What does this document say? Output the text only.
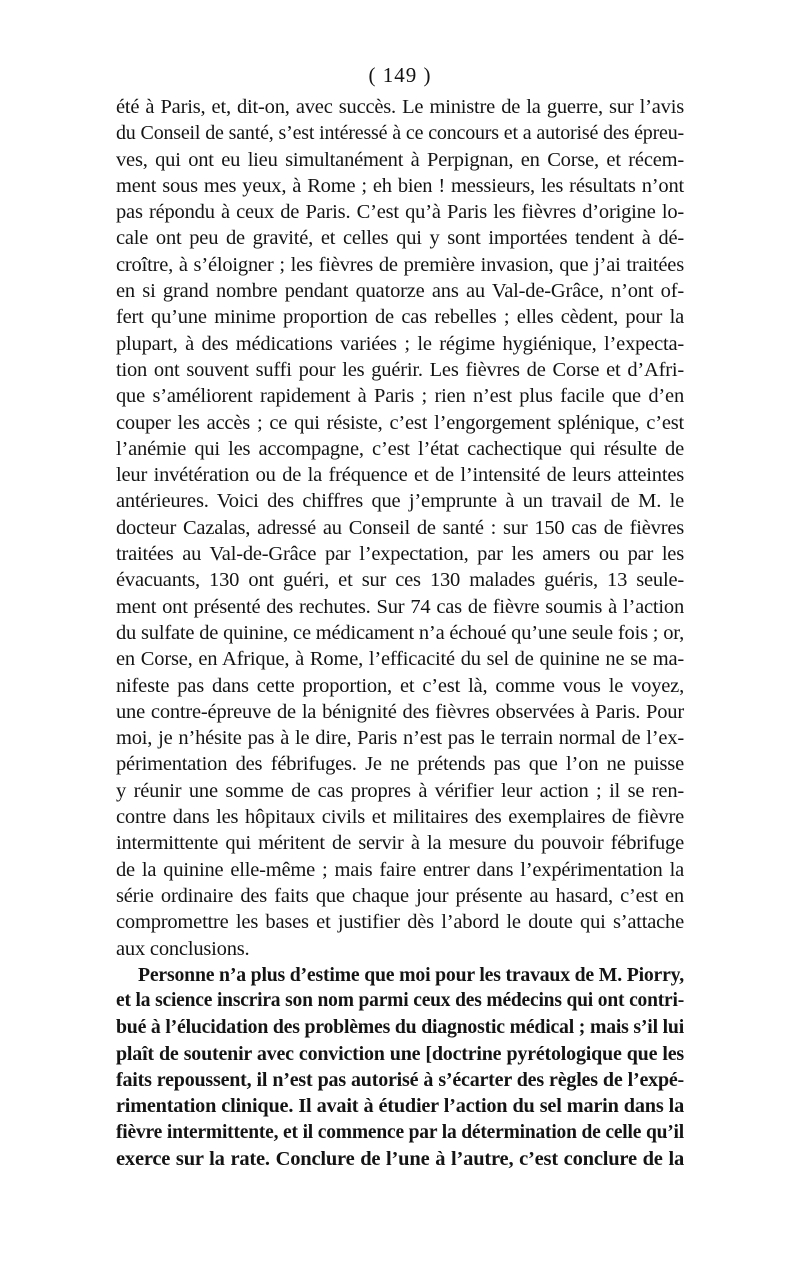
( 149 )
été à Paris, et, dit-on, avec succès. Le ministre de la guerre, sur l’avis
du Conseil de santé, s’est intéressé à ce concours et a autorisé des épreu-
ves, qui ont eu lieu simultanément à Perpignan, en Corse, et récem-
ment sous mes yeux, à Rome ; eh bien ! messieurs, les résultats n’ont
pas répondu à ceux de Paris. C’est qu’à Paris les fièvres d’origine lo-
cale ont peu de gravité, et celles qui y sont importées tendent à dé-
croître, à s’éloigner ; les fièvres de première invasion, que j’ai traitées
en si grand nombre pendant quatorze ans au Val-de-Grâce, n’ont of-
fert qu’une minime proportion de cas rebelles ; elles cèdent, pour la
plupart, à des médications variées ; le régime hygiénique, l’expecta-
tion ont souvent suffi pour les guérir. Les fièvres de Corse et d’Afri-
que s’améliorent rapidement à Paris ; rien n’est plus facile que d’en
couper les accès ; ce qui résiste, c’est l’engorgement splénique, c’est
l’anémie qui les accompagne, c’est l’état cachectique qui résulte de
leur invétération ou de la fréquence et de l’intensité de leurs atteintes
antérieures. Voici des chiffres que j’emprunte à un travail de M. le
docteur Cazalas, adressé au Conseil de santé : sur 150 cas de fièvres
traitées au Val-de-Grâce par l’expectation, par les amers ou par les
évacuants, 130 ont guéri, et sur ces 130 malades guéris, 13 seule-
ment ont présenté des rechutes. Sur 74 cas de fièvre soumis à l’action
du sulfate de quinine, ce médicament n’a échoué qu’une seule fois ; or,
en Corse, en Afrique, à Rome, l’efficacité du sel de quinine ne se ma-
nifeste pas dans cette proportion, et c’est là, comme vous le voyez,
une contre-épreuve de la bénignité des fièvres observées à Paris. Pour
moi, je n’hésite pas à le dire, Paris n’est pas le terrain normal de l’ex-
périmentation des fébrifuges. Je ne prétends pas que l’on ne puisse
y réunir une somme de cas propres à vérifier leur action ; il se ren-
contre dans les hôpitaux civils et militaires des exemplaires de fièvre
intermittente qui méritent de servir à la mesure du pouvoir fébrifuge
de la quinine elle-même ; mais faire entrer dans l’expérimentation la
série ordinaire des faits que chaque jour présente au hasard, c’est en
compromettre les bases et justifier dès l’abord le doute qui s’attache
aux conclusions.
Personne n’a plus d’estime que moi pour les travaux de M. Piorry,
et la science inscrira son nom parmi ceux des médecins qui ont contri-
bué à l’élucidation des problèmes du diagnostic médical ; mais s’il lui
plaît de soutenir avec conviction une [doctrine pyrétologique que les
faits repoussent, il n’est pas autorisé à s’écarter des règles de l’expé-
rimentation clinique. Il avait à étudier l’action du sel marin dans la
fièvre intermittente, et il commence par la détermination de celle qu’il
exerce sur la rate. Conclure de l’une à l’autre, c’est conclure de la
